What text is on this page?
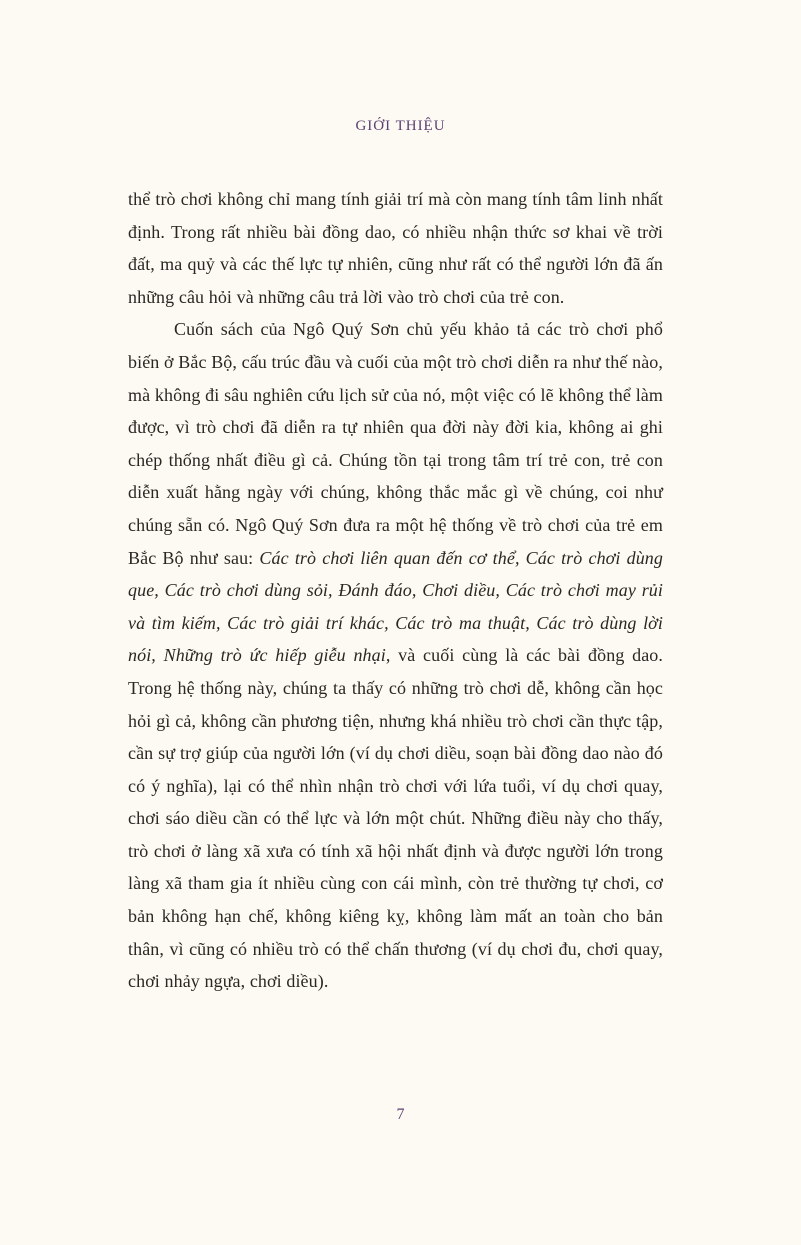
GIỚI THIỆU

thể trò chơi không chỉ mang tính giải trí mà còn mang tính tâm linh nhất định. Trong rất nhiều bài đồng dao, có nhiều nhận thức sơ khai về trời đất, ma quỷ và các thế lực tự nhiên, cũng như rất có thể người lớn đã ấn những câu hỏi và những câu trả lời vào trò chơi của trẻ con.

Cuốn sách của Ngô Quý Sơn chủ yếu khảo tả các trò chơi phổ biến ở Bắc Bộ, cấu trúc đầu và cuối của một trò chơi diễn ra như thế nào, mà không đi sâu nghiên cứu lịch sử của nó, một việc có lẽ không thể làm được, vì trò chơi đã diễn ra tự nhiên qua đời này đời kia, không ai ghi chép thống nhất điều gì cả. Chúng tồn tại trong tâm trí trẻ con, trẻ con diễn xuất hằng ngày với chúng, không thắc mắc gì về chúng, coi như chúng sẵn có. Ngô Quý Sơn đưa ra một hệ thống về trò chơi của trẻ em Bắc Bộ như sau: Các trò chơi liên quan đến cơ thể, Các trò chơi dùng que, Các trò chơi dùng sỏi, Đánh đáo, Chơi diều, Các trò chơi may rủi và tìm kiếm, Các trò giải trí khác, Các trò ma thuật, Các trò dùng lời nói, Những trò ức hiếp giễu nhại, và cuối cùng là các bài đồng dao. Trong hệ thống này, chúng ta thấy có những trò chơi dễ, không cần học hỏi gì cả, không cần phương tiện, nhưng khá nhiều trò chơi cần thực tập, cần sự trợ giúp của người lớn (ví dụ chơi diều, soạn bài đồng dao nào đó có ý nghĩa), lại có thể nhìn nhận trò chơi với lứa tuổi, ví dụ chơi quay, chơi sáo diều cần có thể lực và lớn một chút. Những điều này cho thấy, trò chơi ở làng xã xưa có tính xã hội nhất định và được người lớn trong làng xã tham gia ít nhiều cùng con cái mình, còn trẻ thường tự chơi, cơ bản không hạn chế, không kiêng kỵ, không làm mất an toàn cho bản thân, vì cũng có nhiều trò có thể chấn thương (ví dụ chơi đu, chơi quay, chơi nhảy ngựa, chơi diều).

7
